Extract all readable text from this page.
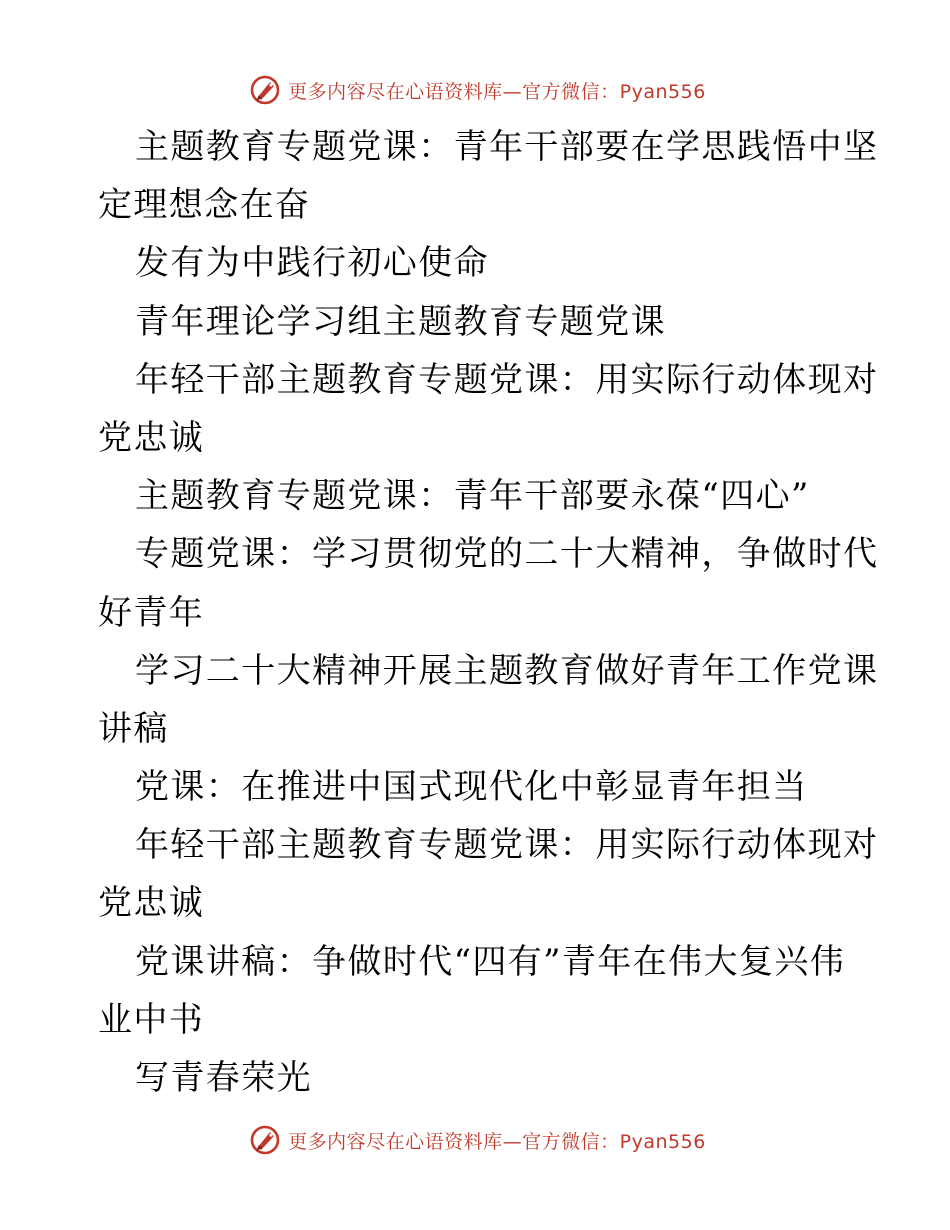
更多内容尽在心语资料库—官方微信：Pyan556
主题教育专题党课：青年干部要在学思践悟中坚
定理想念在奋
发有为中践行初心使命
青年理论学习组主题教育专题党课
年轻干部主题教育专题党课：用实际行动体现对
党忠诚
主题教育专题党课：青年干部要永葆“四心”
专题党课：学习贯彻党的二十大精神，争做时代
好青年
学习二十大精神开展主题教育做好青年工作党课
讲稿
党课：在推进中国式现代化中彰显青年担当
年轻干部主题教育专题党课：用实际行动体现对
党忠诚
党课讲稿：争做时代“四有”青年在伟大复兴伟
业中书
写青春荣光
更多内容尽在心语资料库—官方微信：Pyan556
